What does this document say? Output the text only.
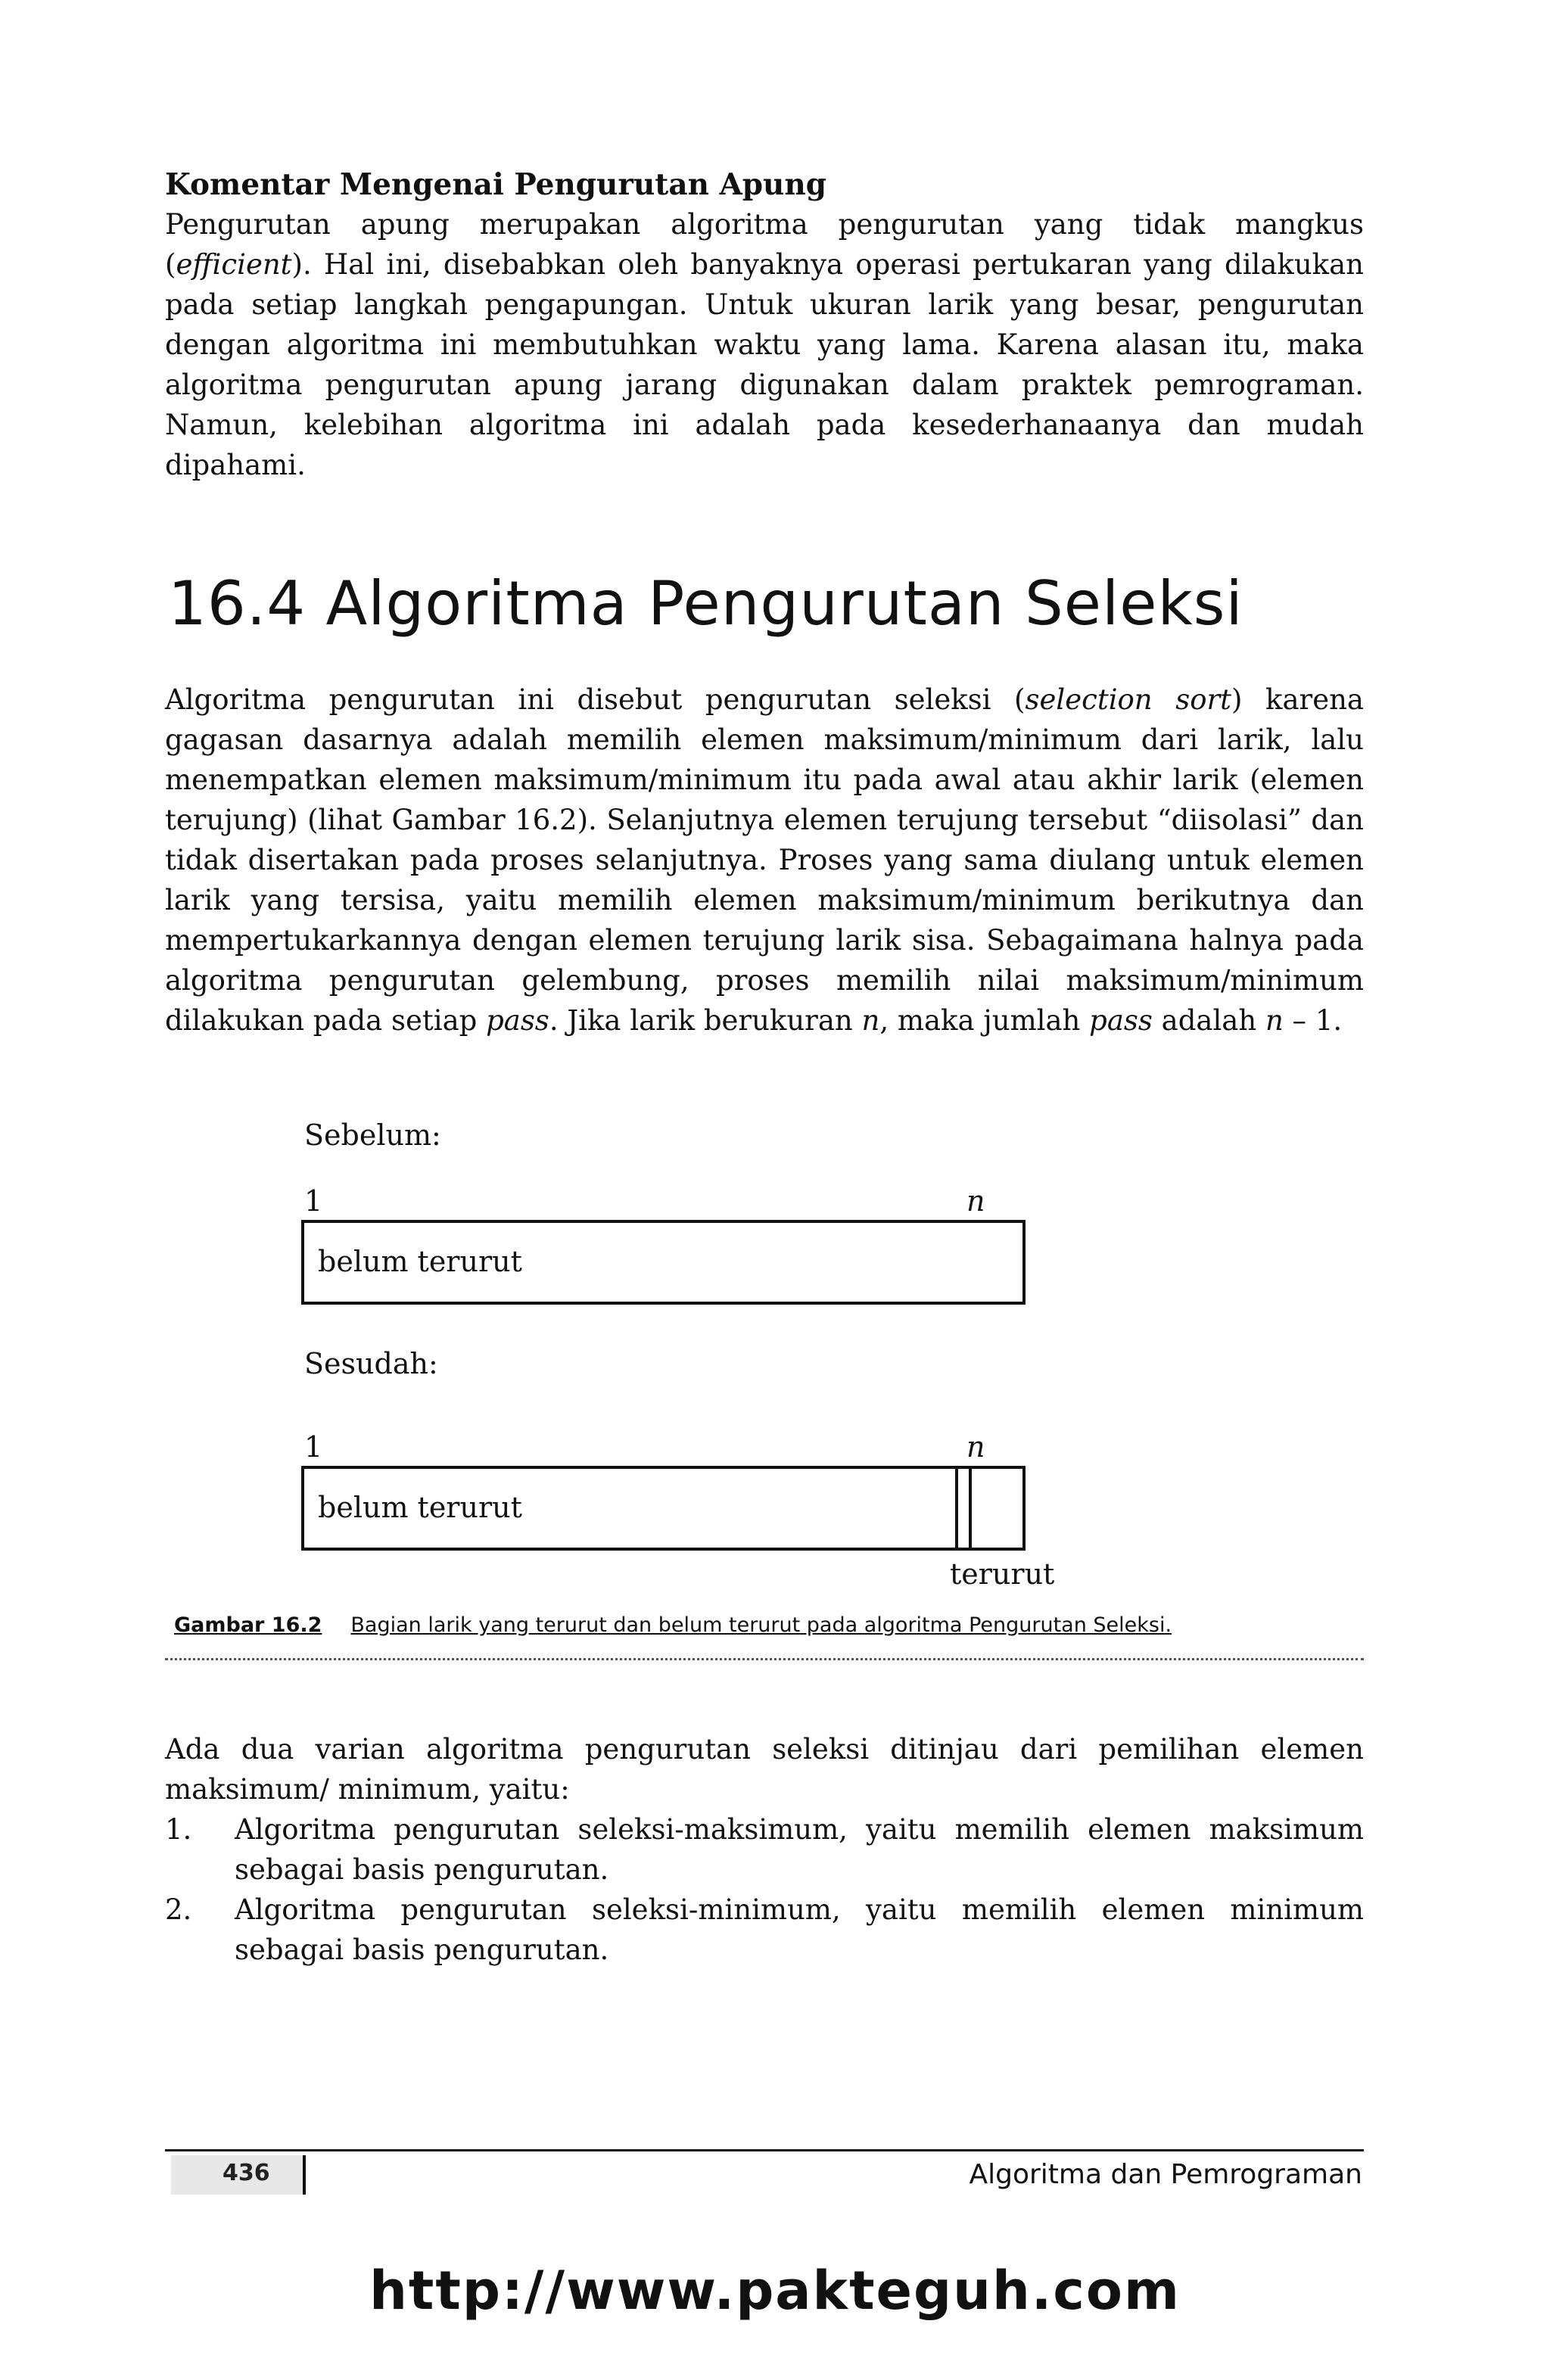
Komentar Mengenai Pengurutan Apung

Pengurutan apung merupakan algoritma pengurutan yang tidak mangkus (efficient). Hal ini, disebabkan oleh banyaknya operasi pertukaran yang dilakukan pada setiap langkah pengapungan. Untuk ukuran larik yang besar, pengurutan dengan algoritma ini membutuhkan waktu yang lama. Karena alasan itu, maka algoritma pengurutan apung jarang digunakan dalam praktek pemrograman. Namun, kelebihan algoritma ini adalah pada kesederhanaanya dan mudah dipahami.

16.4 Algoritma Pengurutan Seleksi

Algoritma pengurutan ini disebut pengurutan seleksi (selection sort) karena gagasan dasarnya adalah memilih elemen maksimum/minimum dari larik, lalu menempatkan elemen maksimum/minimum itu pada awal atau akhir larik (elemen terujung) (lihat Gambar 16.2). Selanjutnya elemen terujung tersebut “diisolasi” dan tidak disertakan pada proses selanjutnya. Proses yang sama diulang untuk elemen larik yang tersisa, yaitu memilih elemen maksimum/minimum berikutnya dan mempertukarkannya dengan elemen terujung larik sisa. Sebagaimana halnya pada algoritma pengurutan gelembung, proses memilih nilai maksimum/minimum dilakukan pada setiap pass. Jika larik berukuran n, maka jumlah pass adalah n – 1.

Sebelum:
1	n
belum terurut
Sesudah:
1	n
belum terurut
terurut
Gambar 16.2 Bagian larik yang terurut dan belum terurut pada algoritma Pengurutan Seleksi.

Ada dua varian algoritma pengurutan seleksi ditinjau dari pemilihan elemen maksimum/ minimum, yaitu:

1. Algoritma pengurutan seleksi-maksimum, yaitu memilih elemen maksimum sebagai basis pengurutan.
2. Algoritma pengurutan seleksi-minimum, yaitu memilih elemen minimum sebagai basis pengurutan.
436	Algoritma dan Pemrograman
http://www.pakteguh.com
